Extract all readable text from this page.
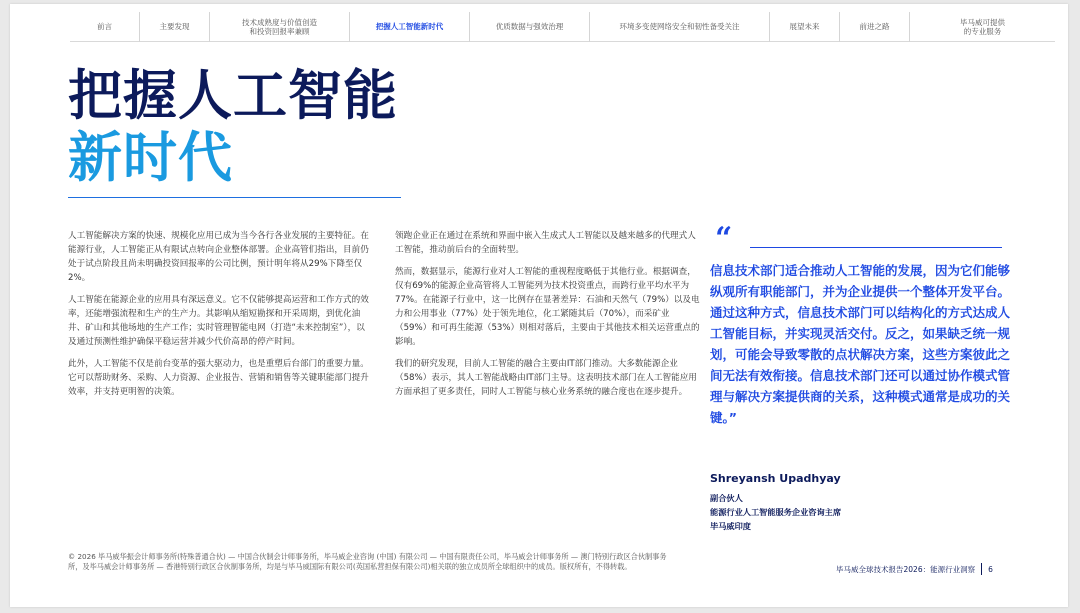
前言	主要发现	技术成熟度与价值创造
和投资回报率兼顾	把握人工智能新时代	优质数据与强效治理	环境多变使网络安全和韧性备受关注	展望未来	前进之路	毕马威可提供
的专业服务
把握人工智能
新时代

人工智能解决方案的快速、规模化应用已成为当今各行各业发展的主要特征。在能源行业，人工智能正从有限试点转向企业整体部署。企业高管们指出，目前仍处于试点阶段且尚未明确投资回报率的公司比例，预计明年将从29%下降至仅2%。

人工智能在能源企业的应用具有深远意义。它不仅能够提高运营和工作方式的效率，还能增强流程和生产的生产力。其影响从缩短勘探和开采周期，到优化油井、矿山和其他场地的生产工作；实时管理智能电网（打造“未来控制室”），以及通过预测性维护确保平稳运营并减少代价高昂的停产时间。

此外，人工智能不仅是前台变革的强大驱动力，也是重塑后台部门的重要力量。它可以帮助财务、采购、人力资源、企业报告、营销和销售等关键职能部门提升效率，并支持更明智的决策。

领跑企业正在通过在系统和界面中嵌入生成式人工智能以及越来越多的代理式人工智能，推动前后台的全面转型。

然而，数据显示，能源行业对人工智能的重视程度略低于其他行业。根据调查，仅有69%的能源企业高管将人工智能列为技术投资重点，而跨行业平均水平为77%。在能源子行业中，这一比例存在显著差异：石油和天然气（79%）以及电力和公用事业（77%）处于领先地位，化工紧随其后（70%），而采矿业（59%）和可再生能源（53%）则相对落后，主要由于其他技术相关运营重点的影响。

我们的研究发现，目前人工智能的融合主要由IT部门推动。大多数能源企业（58%）表示，其人工智能战略由IT部门主导。这表明技术部门在人工智能应用方面承担了更多责任，同时人工智能与核心业务系统的融合度也在逐步提升。

“
信息技术部门适合推动人工智能的发展，因为它们能够纵观所有职能部门，并为企业提供一个整体开发平台。通过这种方式，信息技术部门可以结构化的方式达成人工智能目标，并实现灵活交付。反之，如果缺乏统一规划，可能会导致零散的点状解决方案，这些方案彼此之间无法有效衔接。信息技术部门还可以通过协作模式管理与解决方案提供商的关系，这种模式通常是成功的关键。”
Shreyansh Upadhyay
副合伙人
能源行业人工智能服务企业咨询主席
毕马威印度
© 2026 毕马威华振会计师事务所(特殊普通合伙) — 中国合伙制会计师事务所，毕马威企业咨询 (中国) 有限公司 — 中国有限责任公司，毕马威会计师事务所 — 澳门特别行政区合伙制事务所，及毕马威会计师事务所 — 香港特别行政区合伙制事务所，均是与毕马威国际有限公司(英国私营担保有限公司)相关联的独立成员所全球组织中的成员。版权所有，不得转载。	毕马威全球技术报告2026：能源行业洞察 6
